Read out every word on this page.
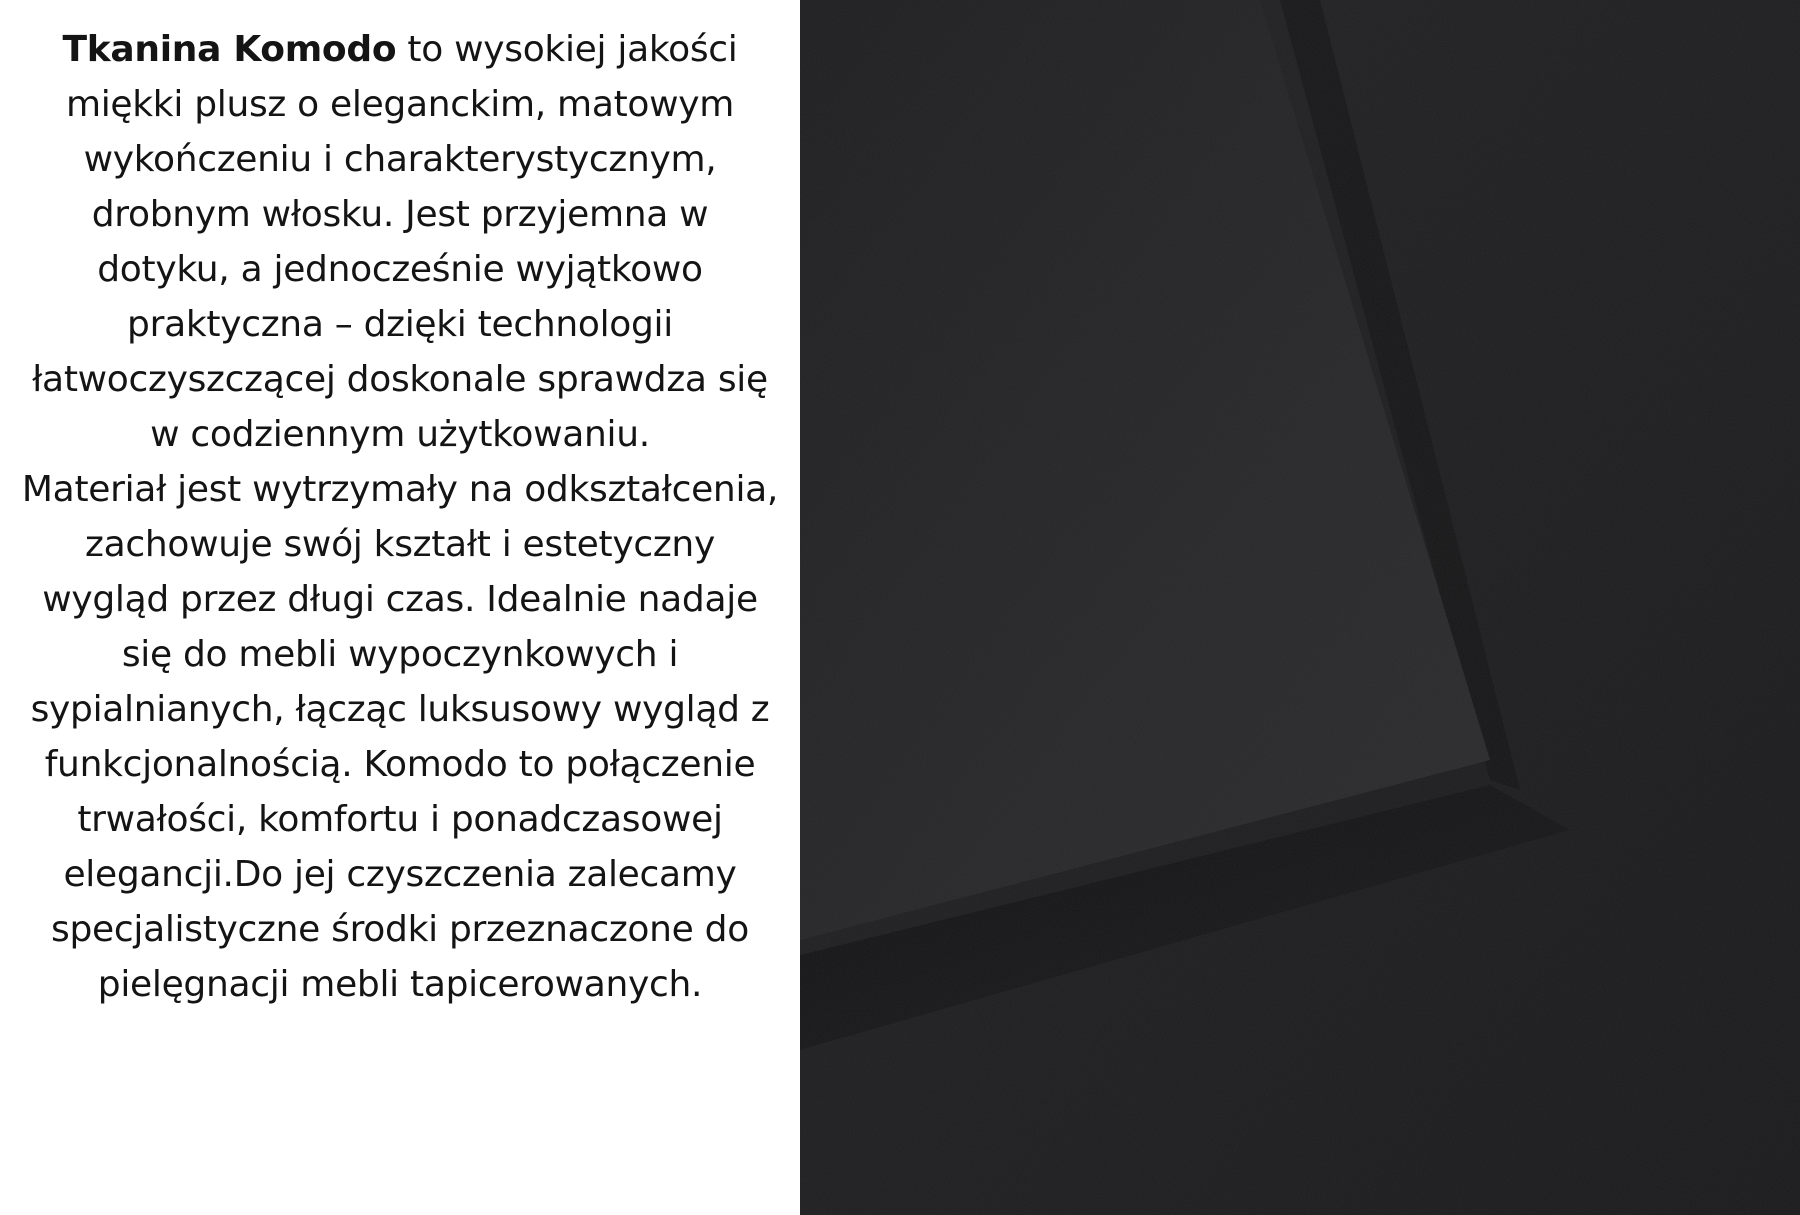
Tkanina Komodo to wysokiej jakości
miękki plusz o eleganckim, matowym
wykończeniu i charakterystycznym,
drobnym włosku. Jest przyjemna w
dotyku, a jednocześnie wyjątkowo
praktyczna – dzięki technologii
łatwoczyszczącej doskonale sprawdza się
w codziennym użytkowaniu.
Materiał jest wytrzymały na odkształcenia,
zachowuje swój kształt i estetyczny
wygląd przez długi czas. Idealnie nadaje
się do mebli wypoczynkowych i
sypialnianych, łącząc luksusowy wygląd z
funkcjonalnością. Komodo to połączenie
trwałości, komfortu i ponadczasowej
elegancji.Do jej czyszczenia zalecamy
specjalistyczne środki przeznaczone do
pielęgnacji mebli tapicerowanych.
